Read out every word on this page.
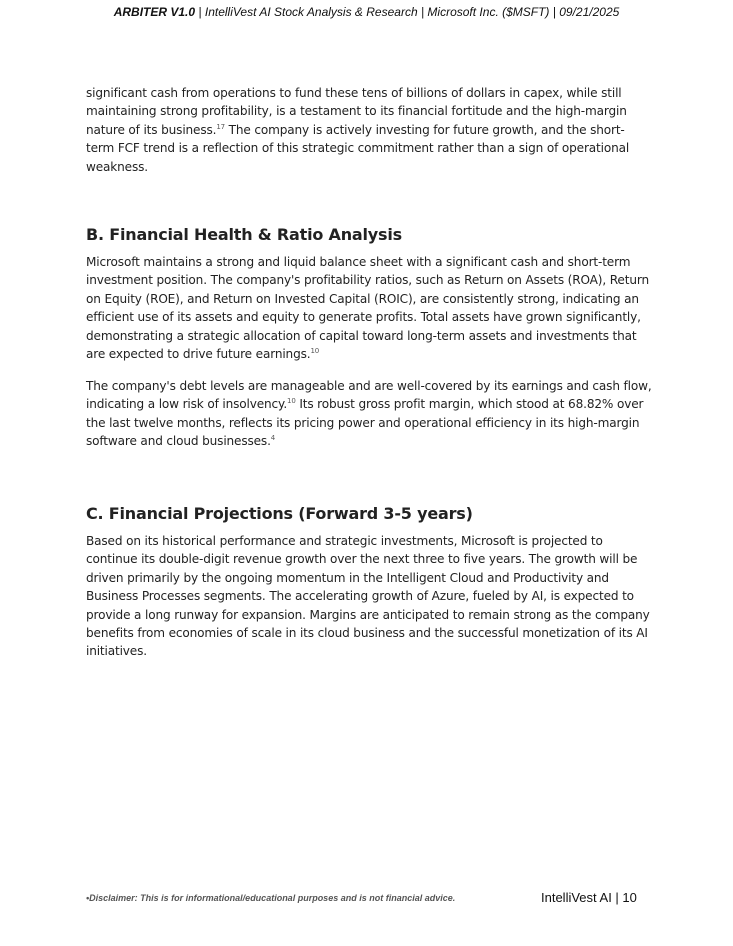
ARBITER V1.0 | IntelliVest AI Stock Analysis & Research | Microsoft Inc. ($MSFT) | 09/21/2025
significant cash from operations to fund these tens of billions of dollars in capex, while still maintaining strong profitability, is a testament to its financial fortitude and the high-margin nature of its business.$^{17}$ The company is actively investing for future growth, and the short-term FCF trend is a reflection of this strategic commitment rather than a sign of operational weakness.
B. Financial Health & Ratio Analysis
Microsoft maintains a strong and liquid balance sheet with a significant cash and short-term investment position. The company's profitability ratios, such as Return on Assets (ROA), Return on Equity (ROE), and Return on Invested Capital (ROIC), are consistently strong, indicating an efficient use of its assets and equity to generate profits. Total assets have grown significantly, demonstrating a strategic allocation of capital toward long-term assets and investments that are expected to drive future earnings.$^{10}$
The company's debt levels are manageable and are well-covered by its earnings and cash flow, indicating a low risk of insolvency.$^{10}$ Its robust gross profit margin, which stood at 68.82% over the last twelve months, reflects its pricing power and operational efficiency in its high-margin software and cloud businesses.$^4$
C. Financial Projections (Forward 3-5 years)
Based on its historical performance and strategic investments, Microsoft is projected to continue its double-digit revenue growth over the next three to five years. The growth will be driven primarily by the ongoing momentum in the Intelligent Cloud and Productivity and Business Processes segments. The accelerating growth of Azure, fueled by AI, is expected to provide a long runway for expansion. Margins are anticipated to remain strong as the company benefits from economies of scale in its cloud business and the successful monetization of its AI initiatives.
•Disclaimer: This is for informational/educational purposes and is not financial advice.	IntelliVest AI | 10
